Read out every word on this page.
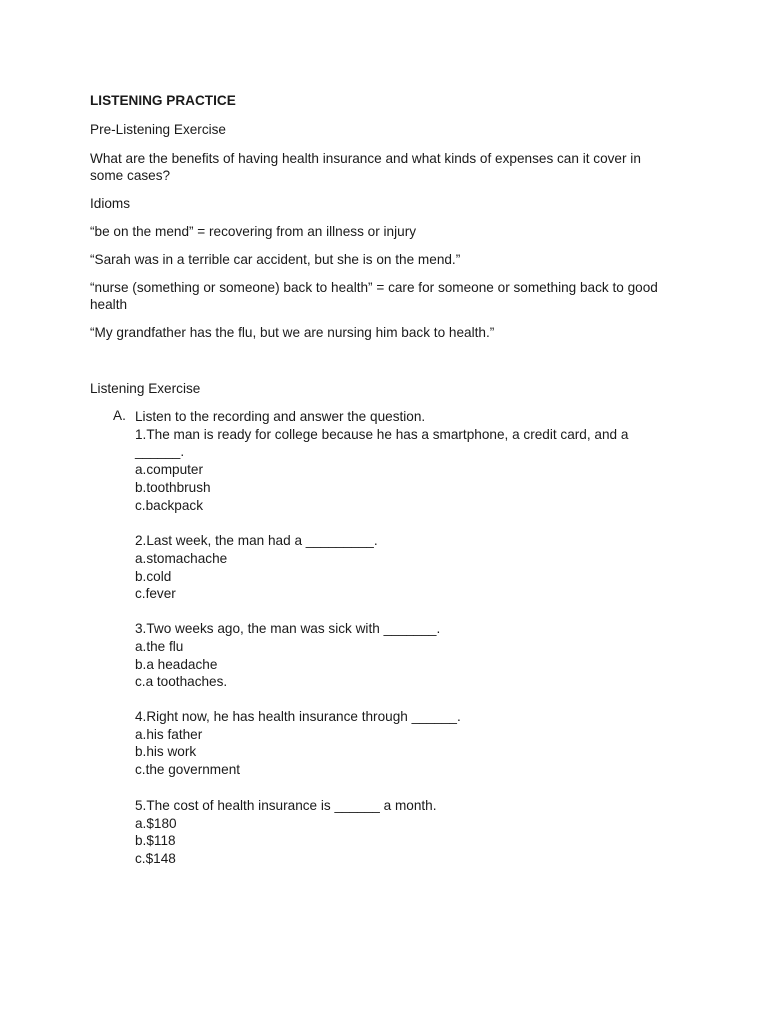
LISTENING PRACTICE
Pre-Listening Exercise
What are the benefits of having health insurance and what kinds of expenses can it cover in
some cases?
Idioms
“be on the mend” = recovering from an illness or injury
“Sarah was in a terrible car accident, but she is on the mend.”
“nurse (something or someone) back to health” = care for someone or something back to good
health
“My grandfather has the flu, but we are nursing him back to health.”
Listening Exercise
A. Listen to the recording and answer the question.
1.The man is ready for college because he has a smartphone, a credit card, and a
______.
a.computer
b.toothbrush
c.backpack
2.Last week, the man had a _________.
a.stomachache
b.cold
c.fever
3.Two weeks ago, the man was sick with _______.
a.the flu
b.a headache
c.a toothaches.
4.Right now, he has health insurance through ______.
a.his father
b.his work
c.the government
5.The cost of health insurance is ______ a month.
a.$180
b.$118
c.$148
